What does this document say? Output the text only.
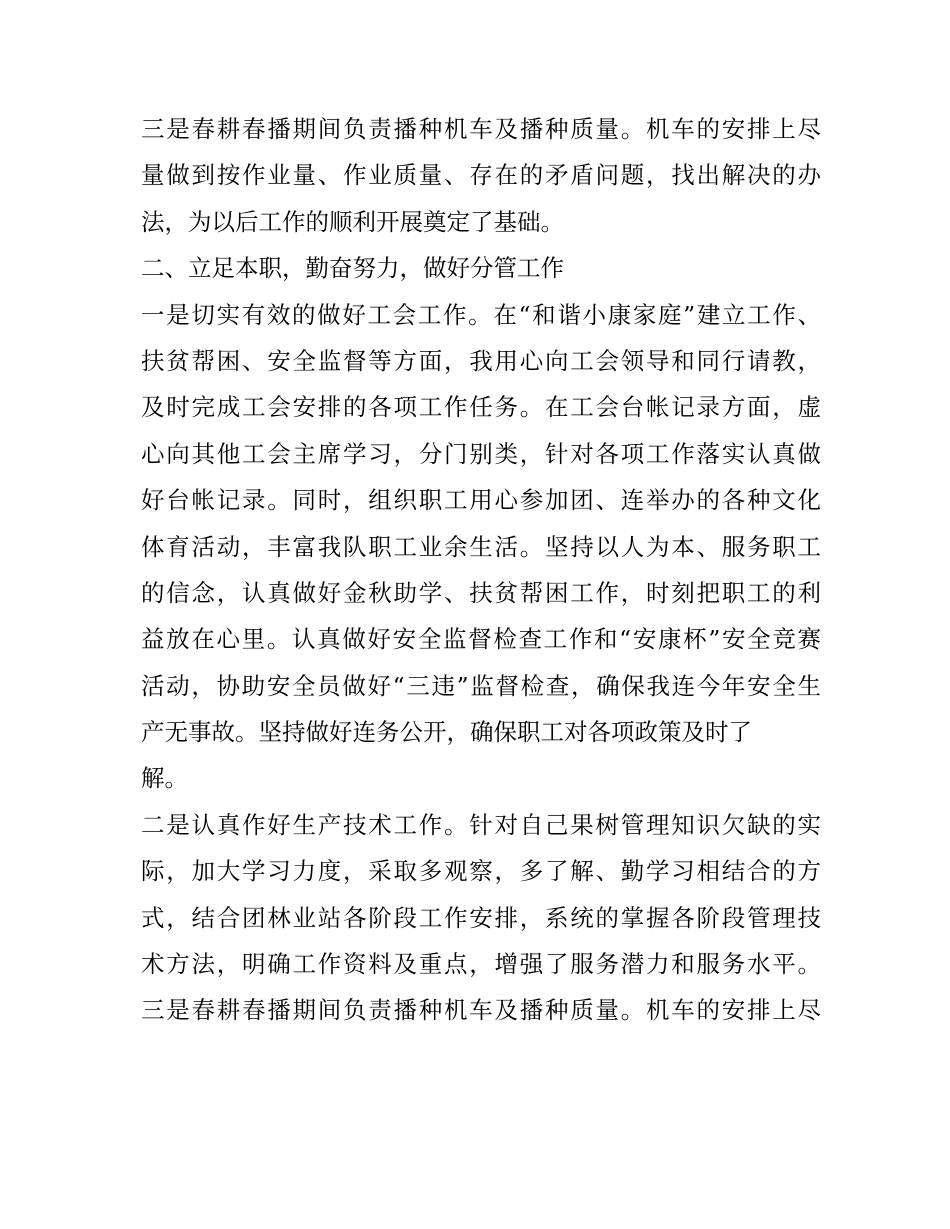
三是春耕春播期间负责播种机车及播种质量。机车的安排上尽
量做到按作业量、作业质量、存在的矛盾问题，找出解决的办
法，为以后工作的顺利开展奠定了基础。
二、立足本职，勤奋努力，做好分管工作
一是切实有效的做好工会工作。在“和谐小康家庭”建立工作、
扶贫帮困、安全监督等方面，我用心向工会领导和同行请教，
及时完成工会安排的各项工作任务。在工会台帐记录方面，虚
心向其他工会主席学习，分门别类，针对各项工作落实认真做
好台帐记录。同时，组织职工用心参加团、连举办的各种文化
体育活动，丰富我队职工业余生活。坚持以人为本、服务职工
的信念，认真做好金秋助学、扶贫帮困工作，时刻把职工的利
益放在心里。认真做好安全监督检查工作和“安康杯”安全竞赛
活动，协助安全员做好“三违”监督检查，确保我连今年安全生
产无事故。坚持做好连务公开，确保职工对各项政策及时了
解。
二是认真作好生产技术工作。针对自己果树管理知识欠缺的实
际，加大学习力度，采取多观察，多了解、勤学习相结合的方
式，结合团林业站各阶段工作安排，系统的掌握各阶段管理技
术方法，明确工作资料及重点，增强了服务潜力和服务水平。
三是春耕春播期间负责播种机车及播种质量。机车的安排上尽
